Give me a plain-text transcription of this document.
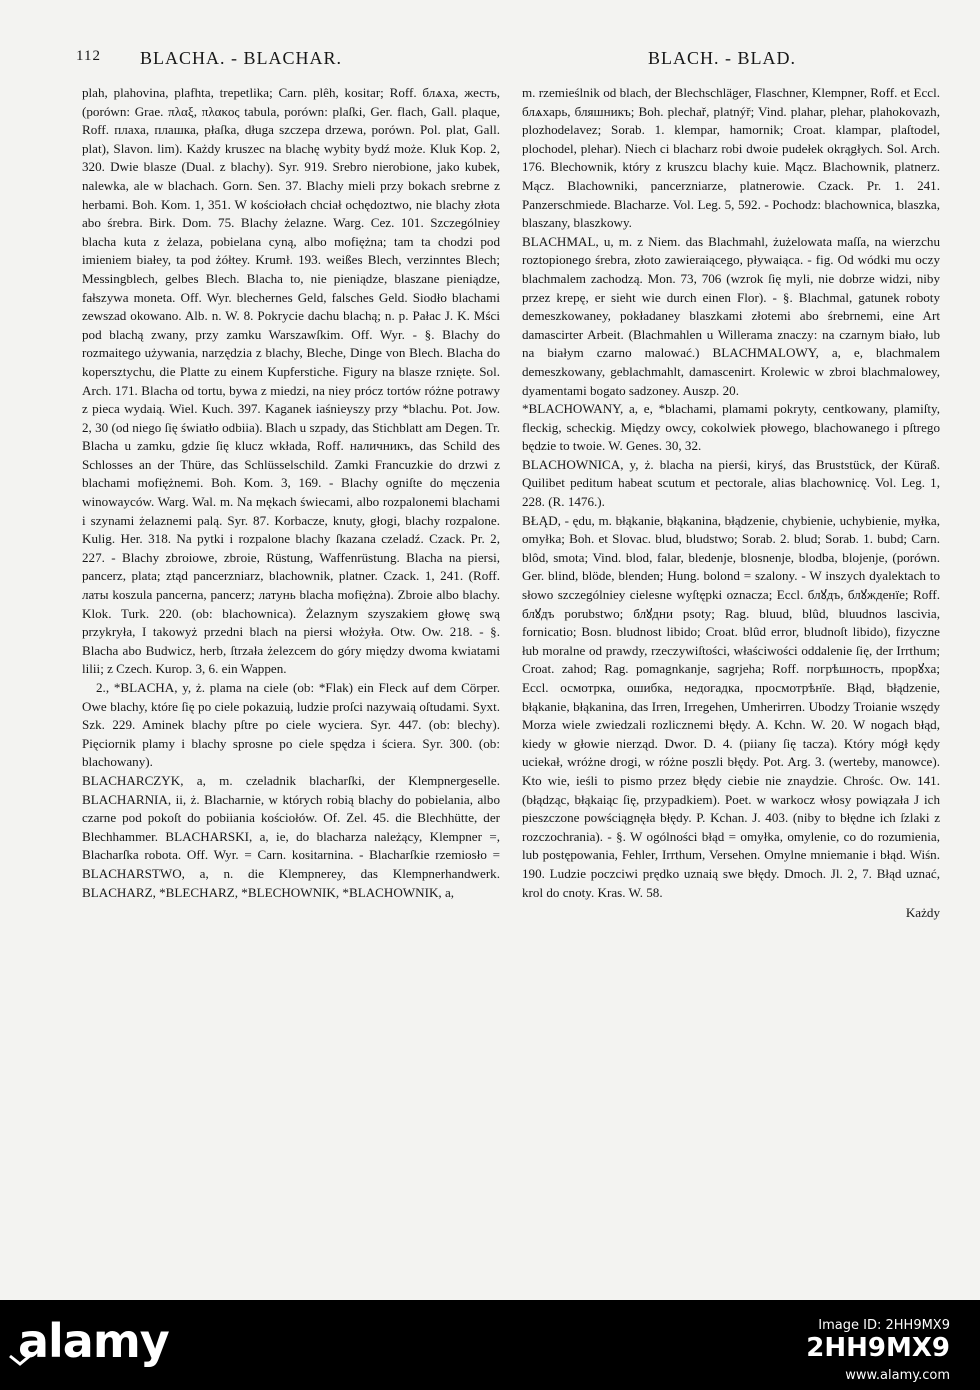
112 BLACHA. - BLACHAR.	BLACH. - BLAD.

plah, plahovina, plafhta, trepetlika; Carn. plêh, kositar; Roff. блѧха, жесть, (porówn: Grae. πλαξ, πλακος tabula, porówn: plaſki, Ger. flach, Gall. plaque, Roff. плаха, плашка, płaſka, długa szczepa drzewa, porówn. Pol. plat, Gall. plat), Slavon. lim). Każdy kruszec na blachę wybity bydź może. Kluk Kop. 2, 320. Dwie blasze (Dual. z blachy). Syr. 919. Srebro nierobione, jako kubek, nalewka, ale w blachach. Gorn. Sen. 37. Blachy mieli przy bokach srebrne z herbami. Boh. Kom. 1, 351. W kościołach chciał ochędoztwo, nie blachy złota abo śrebra. Birk. Dom. 75. Blachy żelazne. Warg. Cez. 101. Szczególniey blacha kuta z żelaza, pobielana cyną, albo mofiężna; tam ta chodzi pod imieniem białey, ta pod żółtey. Krumł. 193. weißes Blech, verzinntes Blech; Messingblech, gelbes Blech. Blacha to, nie pieniądze, blaszane pieniądze, fałszywa moneta. Off. Wyr. blechernes Geld, falsches Geld. Siodło blachami zewszad okowano. Alb. n. W. 8. Pokrycie dachu blachą; n. p. Pałac J. K. Mści pod blachą zwany, przy zamku Warszawſkim. Off. Wyr. - §. Blachy do rozmaitego używania, narzędzia z blachy, Bleche, Dinge von Blech. Blacha do kopersztychu, die Platte zu einem Kupferstiche. Figury na blasze rznięte. Sol. Arch. 171. Blacha od tortu, bywa z miedzi, na niey prócz tortów różne potrawy z pieca wydaią. Wiel. Kuch. 397. Kaganek iaśnieyszy przy *blachu. Pot. Jow. 2, 30 (od niego ſię światło odbiia). Blach u szpady, das Stichblatt am Degen. Tr. Blacha u zamku, gdzie ſię klucz wkłada, Roff. наличникъ, das Schild des Schlosses an der Thüre, das Schlüsselschild. Zamki Francuzkie do drzwi z blachami mofiężnemi. Boh. Kom. 3, 169. - Blachy ogniſte do męczenia winowayców. Warg. Wal. m. Na mękach świecami, albo rozpalonemi blachami i szynami żelaznemi palą. Syr. 87. Korbacze, knuty, głogi, blachy rozpalone. Kulig. Her. 318. Na pytki i rozpalone blachy ſkazana czeladź. Czack. Pr. 2, 227. - Blachy zbroiowe, zbroie, Rüstung, Waffenrüstung. Blacha na piersi, pancerz, plata; ztąd pancerzniarz, blachownik, platner. Czack. 1, 241. (Roff. латы koszula pancerna, pancerz; латунь blacha mofiężna). Zbroie albo blachy. Klok. Turk. 220. (ob: blachownica). Żelaznym szyszakiem głowę swą przykryła, I takowyż przedni blach na piersi włożyła. Otw. Ow. 218. - §. Blacha abo Budwicz, herb, ſtrzała żelezcem do góry między dwoma kwiatami lilii; z Czech. Kurop. 3, 6. ein Wappen.

2., *BLACHA, y, ż. plama na ciele (ob: *Flak) ein Fleck auf dem Cörper. Owe blachy, które ſię po ciele pokazuią, ludzie proſci nazywaią oſtudami. Syxt. Szk. 229. Aminek blachy pſtre po ciele wyciera. Syr. 447. (ob: blechy). Pięciornik plamy i blachy sprosne po ciele spędza i ściera. Syr. 300. (ob: blachowany).

BLACHARCZYK, a, m. czeladnik blacharſki, der Klempnergeselle. BLACHARNIA, ii, ż. Blacharnie, w których robią blachy do pobielania, albo czarne pod pokoſt do pobiiania kościołów. Of. Zel. 45. die Blechhütte, der Blechhammer. BLACHARSKI, a, ie, do blacharza należący, Klempner =, Blacharſka robota. Off. Wyr. = Carn. kositarnina. - Blacharſkie rzemiosło = BLACHARSTWO, a, n. die Klempnerey, das Klempnerhandwerk. BLACHARZ, *BLECHARZ, *BLECHOWNIK, *BLACHOWNIK, a,

m. rzemieślnik od blach, der Blechschläger, Flaschner, Klempner, Roff. et Eccl. блѧхарь, бляшникъ; Boh. plechař, platnýř; Vind. plahar, plehar, plahokovazh, plozhodelavez; Sorab. 1. klempar, hamornik; Croat. klampar, plaſtodel, plochodel, plehar). Niech ci blacharz robi dwoie pudełek okrągłych. Sol. Arch. 176. Blechownik, który z kruszcu blachy kuie. Mącz. Blachownik, platnerz. Mącz. Blachowniki, pancerzniarze, platnerowie. Czack. Pr. 1. 241. Panzerschmiede. Blacharze. Vol. Leg. 5, 592. - Pochodz: blachownica, blaszka, blaszany, blaszkowy.

BLACHMAL, u, m. z Niem. das Blachmahl, żużelowata maſſa, na wierzchu roztopionego śrebra, złoto zawieraiącego, pływaiąca. - fig. Od wódki mu oczy blachmalem zachodzą. Mon. 73, 706 (wzrok ſię myli, nie dobrze widzi, niby przez krepę, er sieht wie durch einen Flor). - §. Blachmal, gatunek roboty demeszkowaney, pokładaney blaszkami złotemi abo śrebrnemi, eine Art damascirter Arbeit. (Blachmahlen u Willerama znaczy: na czarnym biało, lub na białym czarno malować.) BLACHMALOWY, a, e, blachmalem demeszkowany, geblachmahlt, damascenirt. Krolewic w zbroi blachmalowey, dyamentami bogato sadzoney. Auszp. 20.

*BLACHOWANY, a, e, *blachami, plamami pokryty, centkowany, plamiſty, fleckig, scheckig. Między owcy, cokolwiek płowego, blachowanego i pſtrego będzie to twoie. W. Genes. 30, 32.

BLACHOWNICA, y, ż. blacha na pierśi, kiryś, das Bruststück, der Küraß. Quilibet peditum habeat scutum et pectorale, alias blachownicę. Vol. Leg. 1, 228. (R. 1476.).

BŁĄD, - ędu, m. błąkanie, błąkanina, błądzenie, chybienie, uchybienie, myłka, omyłka; Boh. et Slovac. blud, bludstwo; Sorab. 2. blud; Sorab. 1. bubd; Carn. blôd, smota; Vind. blod, falar, bledenje, blosnenje, blodba, blojenje, (porówn. Ger. blind, blöde, blenden; Hung. bolond = szalony. - W inszych dyalektach to słowo szczególniey cielesne wyſtępki oznacza; Eccl. блꙋдъ, блꙋжденїе; Roff. блꙋдъ porubstwo; блꙋдни psoty; Rag. bluud, blûd, bluudnos lascivia, fornicatio; Bosn. bludnost libido; Croat. blûd error, bludnoſt libido), fizyczne łub moralne od prawdy, rzeczywiſtości, właściwości oddalenie ſię, der Irrthum; Croat. zahod; Rag. pomagnkanje, sagrjeha; Roff. погрѣшность, прорꙋха; Eccl. осмотрка, ошибка, недогадка, просмотрѣнїе. Błąd, błądzenie, błąkanie, błąkanina, das Irren, Irregehen, Umherirren. Ubodzy Troianie wszędy Morza wiele zwiedzali rozlicznemi błędy. A. Kchn. W. 20. W nogach błąd, kiedy w głowie nierząd. Dwor. D. 4. (piiany ſię tacza). Który mógł kędy uciekał, wróżne drogi, w różne poszli błędy. Pot. Arg. 3. (werteby, manowce). Kto wie, ieśli to pismo przez błędy ciebie nie znaydzie. Chrośc. Ow. 141. (błądząc, błąkaiąc ſię, przypadkiem). Poet. w warkocz włosy powiązała J ich pieszczone powściągnęła błędy. P. Kchan. J. 403. (niby to błędne ich ſzlaki z rozczochrania). - §. W ogólności błąd = omyłka, omylenie, co do rozumienia, lub postępowania, Fehler, Irrthum, Versehen. Omylne mniemanie i błąd. Wiśn. 190. Ludzie poczciwi prędko uznaią swe błędy. Dmoch. Jl. 2, 7. Błąd uznać, krol do cnoty. Kras. W. 58.

Każdy
alamy	Image ID: 2HH9MX9
2HH9MX9
www.alamy.com
